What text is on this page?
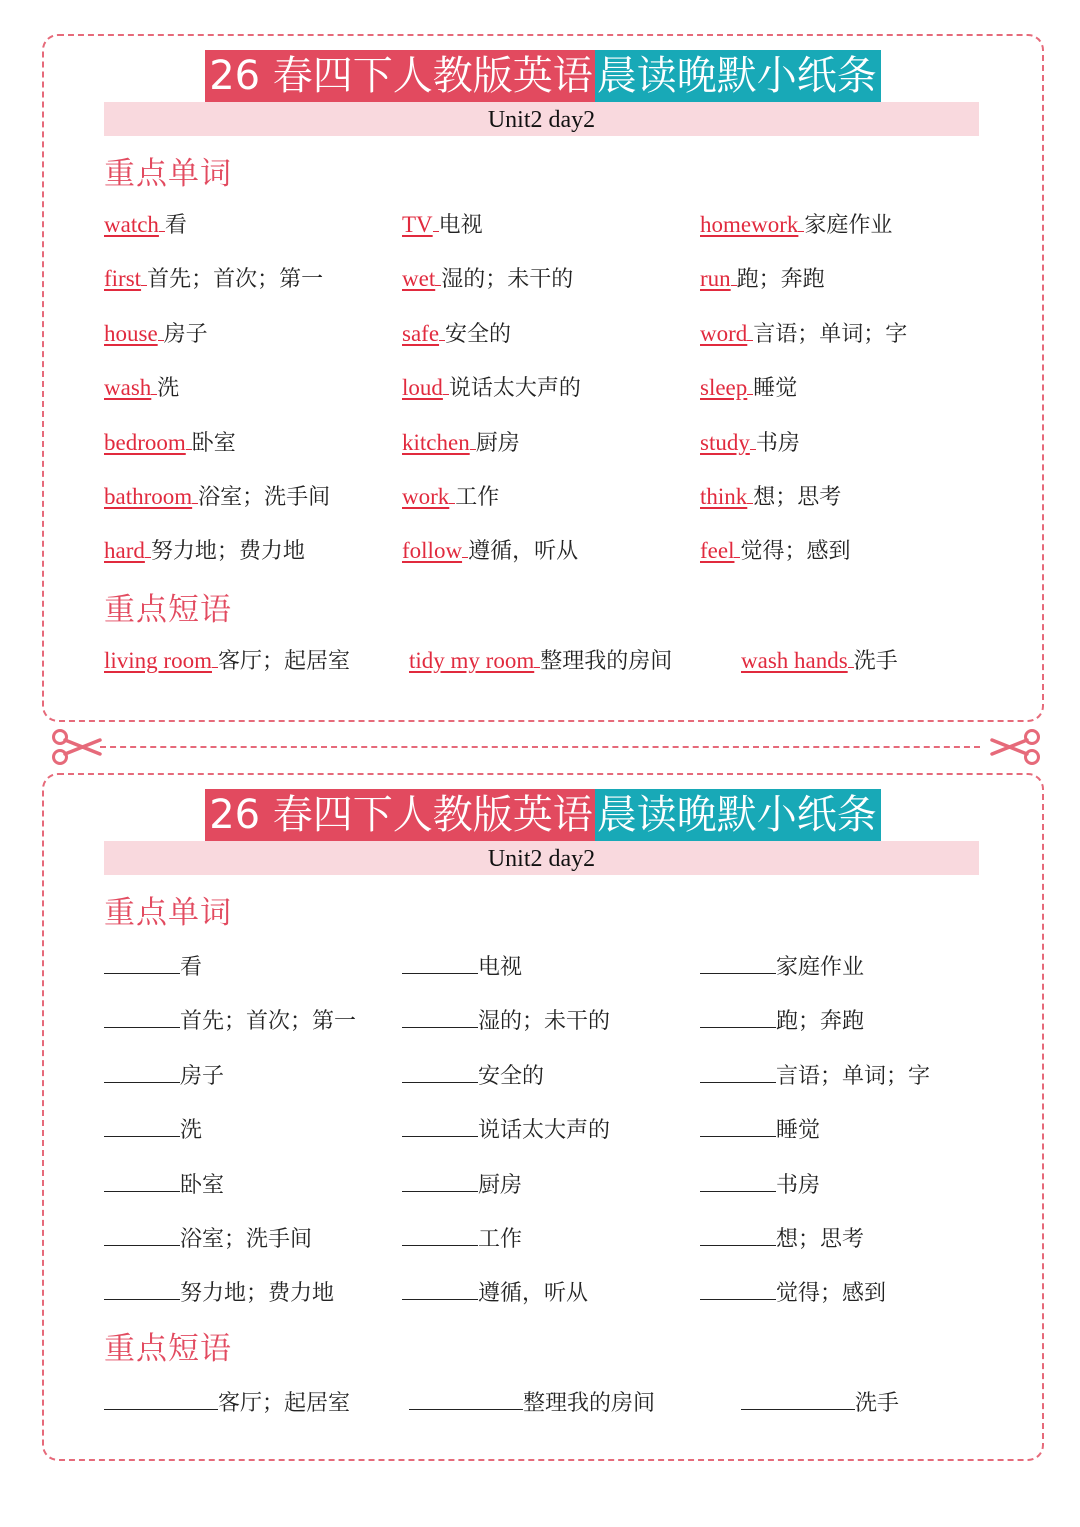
26 春四下人教版英语 晨读晚默小纸条
Unit2 day2
重点单词
watch 看	TV 电视	homework 家庭作业
first 首先；首次；第一	wet 湿的；未干的	run 跑；奔跑
house 房子	safe 安全的	word 言语；单词；字
wash 洗	loud 说话太大声的	sleep 睡觉
bedroom 卧室	kitchen 厨房	study 书房
bathroom 浴室；洗手间	work 工作	think 想；思考
hard 努力地；费力地	follow 遵循，听从	feel 觉得；感到
重点短语
living room 客厅；起居室	tidy my room 整理我的房间	wash hands 洗手
26 春四下人教版英语 晨读晚默小纸条
Unit2 day2
重点单词
看	电视	家庭作业
首先；首次；第一	湿的；未干的	跑；奔跑
房子	安全的	言语；单词；字
洗	说话太大声的	睡觉
卧室	厨房	书房
浴室；洗手间	工作	想；思考
努力地；费力地	遵循，听从	觉得；感到
重点短语
客厅；起居室	整理我的房间	洗手
